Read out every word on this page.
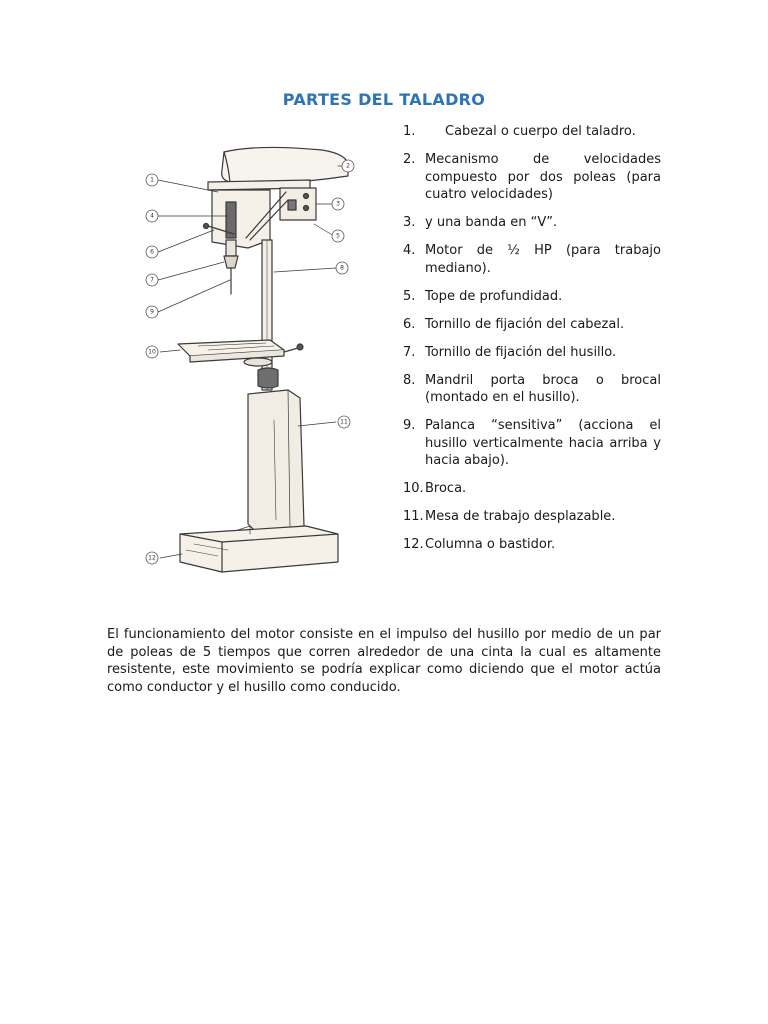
PARTES DEL TALADRO
1
2
3
4
5
6
7
8
9
10
11
12
1.	Cabezal o cuerpo del taladro.
2. Mecanismo de velocidades compuesto por dos poleas (para cuatro velocidades)
3. y una banda en “V”.
4. Motor de ½ HP (para trabajo mediano).
5. Tope de profundidad.
6. Tornillo de fijación del cabezal.
7. Tornillo de fijación del husillo.
8. Mandril porta broca o brocal (montado en el husillo).
9. Palanca “sensitiva” (acciona el husillo verticalmente hacia arriba y hacia abajo).
10. Broca.
11. Mesa de trabajo desplazable.
12. Columna o bastidor.

El funcionamiento del motor consiste en el impulso del husillo por medio de un par de poleas de 5 tiempos que corren alrededor de una cinta la cual es altamente resistente, este movimiento se podría explicar como diciendo que el motor actúa como conductor y el husillo como conducido.
